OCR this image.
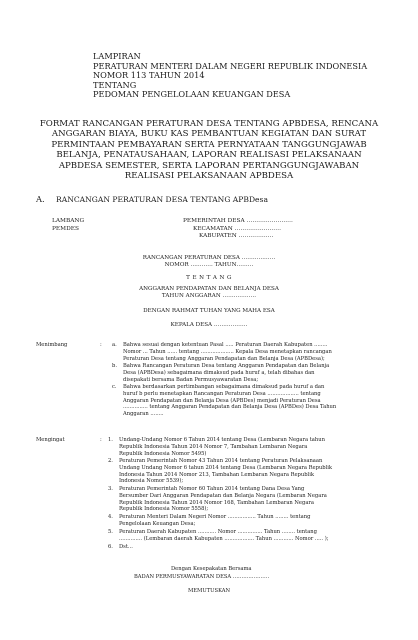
LAMPIRAN
PERATURAN MENTERI DALAM NEGERI REPUBLIK INDONESIA
NOMOR 113 TAHUN 2014
TENTANG
PEDOMAN PENGELOLAAN KEUANGAN DESA
FORMAT RANCANGAN PERATURAN DESA TENTANG APBDESA, RENCANA
ANGGARAN BIAYA, BUKU KAS PEMBANTUAN KEGIATAN DAN SURAT
PERMINTAAN PEMBAYARAN SERTA PERNYATAAN TANGGUNGJAWAB
BELANJA, PENATAUSAHAAN, LAPORAN REALISASI PELAKSANAAN
APBDESA SEMESTER, SERTA LAPORAN PERTANGGUNGJAWABAN
REALISASI PELAKSANAAN APBDESA
A. RANCANGAN PERATURAN DESA TENTANG APBDesa
LAMBANG
PEMDES
PEMERINTAH DESA ……………………
KECAMATAN ……………………
KABUPATEN ………………
RANCANGAN PERATURAN DESA ………………
NOMOR ………… TAHUN………
T E N T A N G
ANGGARAN PENDAPATAN DAN BELANJA DESA
TAHUN ANGGARAN ………………
DENGAN RAHMAT TUHAN YANG MAHA ESA
KEPALA DESA ………………
Menimbang	: a. Bahwa sesuai dengan ketentuan Pasal ..... Peraturan Daerah Kabupaten ........
Nomor ... Tahun ...... tentang .................... Kepala Desa menetapkan rancangan
Peraturan Desa tentang Anggaran Pendapatan dan Belanja Desa (APBDesa);
b. Bahwa Rancangan Peraturan Desa tentang Anggaran Pendapatan dan Belanja
Desa (APBDesa) sebagaimana dimaksud pada huruf a, telah dibahas dan
disepakati bersama Badan Permusyawaratan Desa;
c. Bahwa berdasarkan pertimbangan sebagaimana dimaksud pada huruf a dan
huruf b perlu menetapkan Rancangan Peraturan Desa ................... tentang
Anggaran Pendapatan dan Belanja Desa (APBDes) menjadi Peraturan Desa
............... tentang Anggaran Pendapatan dan Belanja Desa (APBDes) Desa Tahun
Anggaran ........
Mengingat	: 1. Undang-Undang Nomor 6 Tahun 2014 tentang Desa (Lembaran Negara tahun
Republik Indonesia Tahun 2014 Nomor 7, Tambahan Lembaran Negara
Republik Indonesia Nomor 5495)
2. Peraturan Pemerintah Nomor 43 Tahun 2014 tentang Peraturan Pelaksanaan
Undang Undang Nomor 6 tahun 2014 tentang Desa (Lembaran Negara Republik
Indonesia Tahun 2014 Nomor 213, Tambahan Lembaran Negara Republik
Indonesia Nomor 5539);
3. Peraturan Pemerintah Nomor 60 Tahun 2014 tentang Dana Desa Yang
Bersumber Dari Anggaran Pendapatan dan Belanja Negara (Lembaran Negara
Republik Indonesia Tahun 2014 Nomor 168, Tambahan Lembaran Negara
Republik Indonesia Nomor 5558);
4. Peraturan Menteri Dalam Negeri Nomor ................. Tahun ........ tentang
Pengelolaan Keuangan Desa;
5. Peraturan Daerah Kabupaten ........... Nomor ............... Tahun ........ tentang
.............. (Lembaran daerah Kabupaten .................. Tahun ............ Nomor ..... );
6. Dst...
Dengan Kesepakatan Bersama
BADAN PERMUSYAWARATAN DESA …………………
MEMUTUSKAN
